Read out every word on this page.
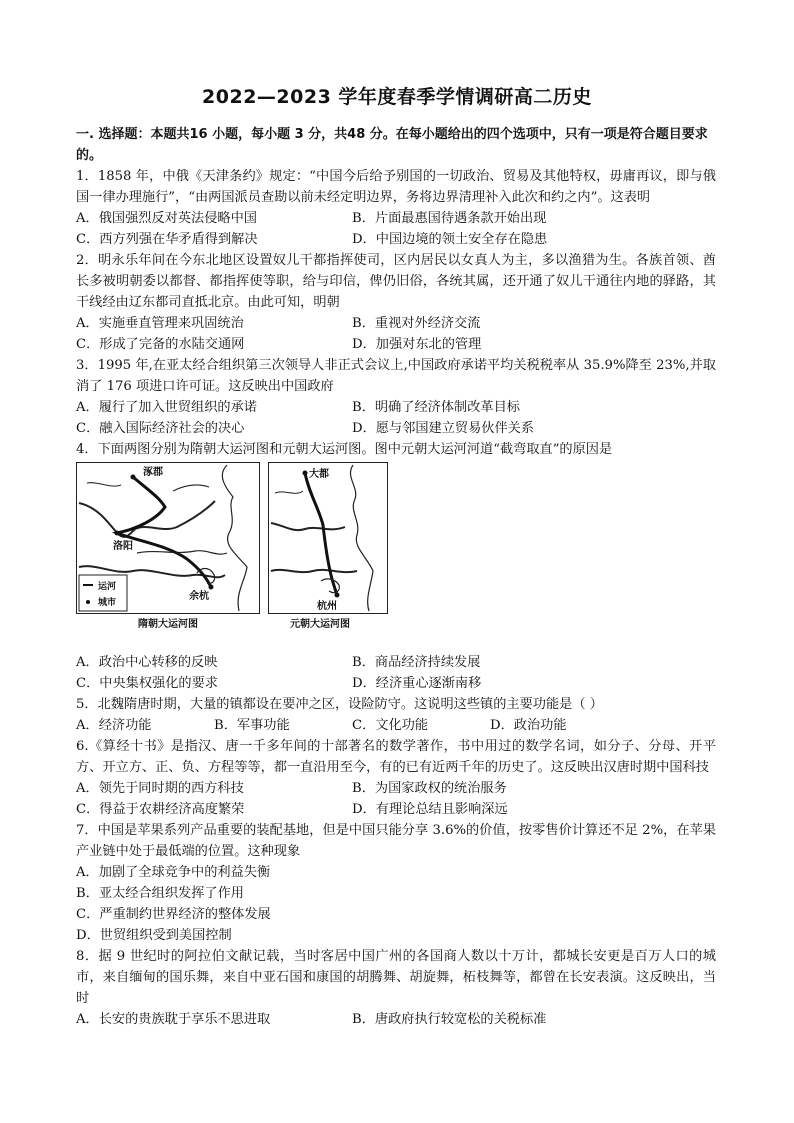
2022—2023 学年度春季学情调研高二历史
一. 选择题：本题共16 小题，每小题 3 分，共48 分。在每小题给出的四个选项中，只有一项是符合题目要求的。
1．1858 年，中俄《天津条约》规定：“中国今后给予别国的一切政治、贸易及其他特权，毋庸再议，即与俄国一律办理施行”，“由两国派员查勘以前未经定明边界，务将边界清理补入此次和约之内”。这表明
A．俄国强烈反对英法侵略中国	B．片面最惠国待遇条款开始出现
C．西方列强在华矛盾得到解决	D．中国边境的领土安全存在隐患
2．明永乐年间在今东北地区设置奴儿干都指挥使司，区内居民以女真人为主，多以渔猎为生。各族首领、酋长多被明朝委以都督、都指挥使等职，给与印信，俾仍旧俗，各统其属，还开通了奴儿干通往内地的驿路，其干线经由辽东都司直抵北京。由此可知，明朝
A．实施垂直管理来巩固统治	B．重视对外经济交流
C．形成了完备的水陆交通网	D．加强对东北的管理
3．1995 年,在亚太经合组织第三次领导人非正式会议上,中国政府承诺平均关税税率从 35.9%降至 23%,并取消了 176 项进口许可证。这反映出中国政府
A．履行了加入世贸组织的承诺	B．明确了经济体制改革目标
C．融入国际经济社会的决心	D．愿与邻国建立贸易伙伴关系
4．下面两图分别为隋朝大运河图和元朝大运河图。图中元朝大运河河道“截弯取直”的原因是
涿郡
洛阳
余杭
运河
城市
隋朝大运河图
大都
杭州
元朝大运河图
A．政治中心转移的反映	B．商品经济持续发展
C．中央集权强化的要求	D．经济重心逐渐南移
5．北魏隋唐时期，大量的镇都设在要冲之区，设险防守。这说明这些镇的主要功能是（ ）
A．经济功能	B．军事功能	C．文化功能	D．政治功能
6.《算经十书》是指汉、唐一千多年间的十部著名的数学著作，书中用过的数学名词，如分子、分母、开平方、开立方、正、负、方程等等，都一直沿用至今，有的已有近两千年的历史了。这反映出汉唐时期中国科技
A．领先于同时期的西方科技	B．为国家政权的统治服务
C．得益于农耕经济高度繁荣	D．有理论总结且影响深远
7．中国是苹果系列产品重要的装配基地，但是中国只能分享 3.6%的价值，按零售价计算还不足 2%，在苹果产业链中处于最低端的位置。这种现象
A．加剧了全球竞争中的利益失衡
B．亚太经合组织发挥了作用
C．严重制约世界经济的整体发展
D．世贸组织受到美国控制
8．据 9 世纪时的阿拉伯文献记载，当时客居中国广州的各国商人数以十万计，都城长安更是百万人口的城市，来自缅甸的国乐舞，来自中亚石国和康国的胡腾舞、胡旋舞，柘枝舞等，都曾在长安表演。这反映出，当时
A．长安的贵族耽于享乐不思进取	B．唐政府执行较宽松的关税标准
